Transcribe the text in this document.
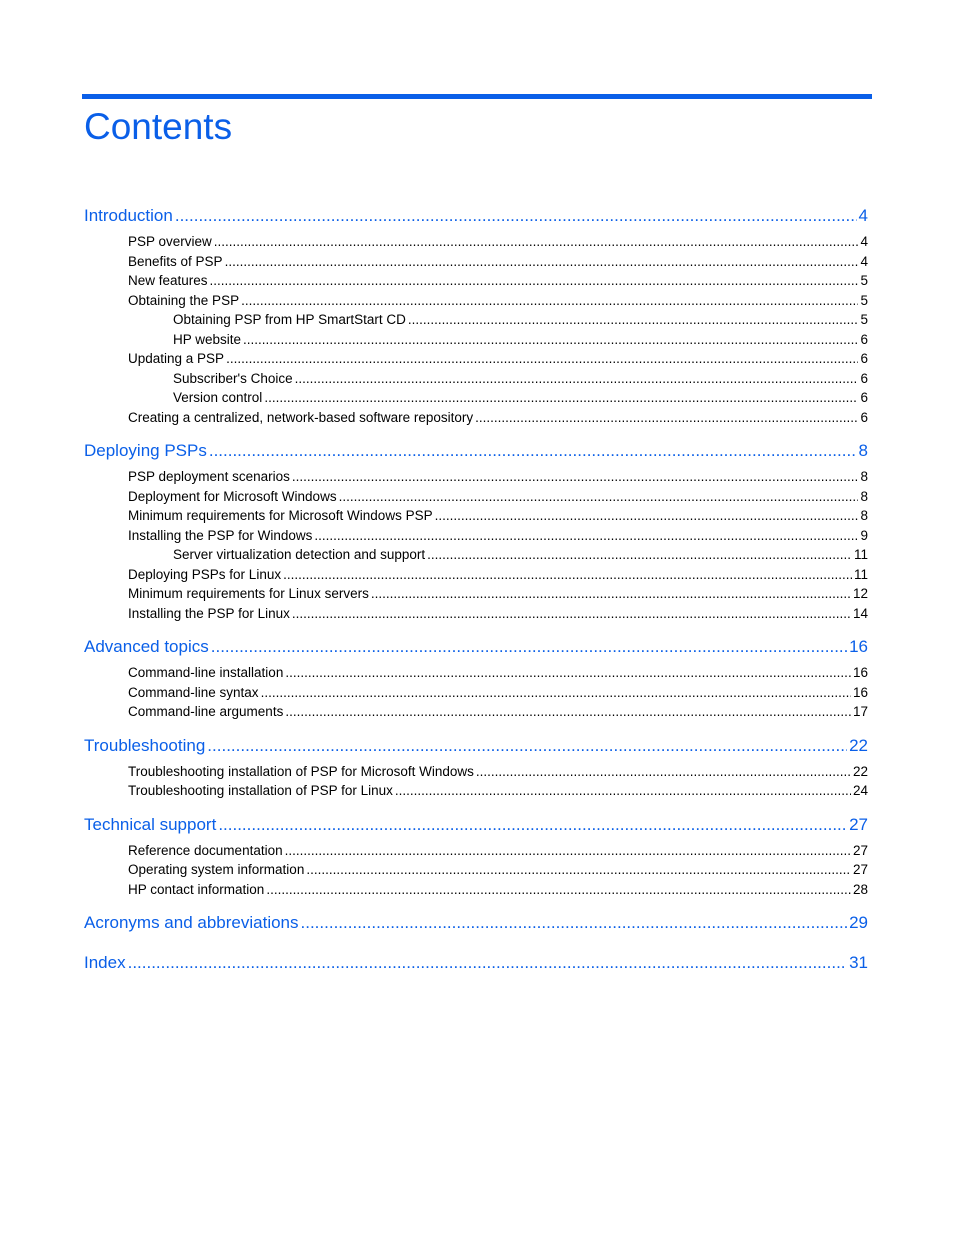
Contents
Introduction .....	4
PSP overview .....	4
Benefits of PSP .....	4
New features .....	5
Obtaining the PSP .....	5
Obtaining PSP from HP SmartStart CD .....	5
HP website .....	6
Updating a PSP .....	6
Subscriber's Choice .....	6
Version control .....	6
Creating a centralized, network-based software repository .....	6
Deploying PSPs .....	8
PSP deployment scenarios .....	8
Deployment for Microsoft Windows .....	8
Minimum requirements for Microsoft Windows PSP .....	8
Installing the PSP for Windows .....	9
Server virtualization detection and support .....	11
Deploying PSPs for Linux .....	11
Minimum requirements for Linux servers .....	12
Installing the PSP for Linux .....	14
Advanced topics .....	16
Command-line installation .....	16
Command-line syntax .....	16
Command-line arguments .....	17
Troubleshooting .....	22
Troubleshooting installation of PSP for Microsoft Windows .....	22
Troubleshooting installation of PSP for Linux .....	24
Technical support .....	27
Reference documentation .....	27
Operating system information .....	27
HP contact information .....	28
Acronyms and abbreviations .....	29
Index .....	31
